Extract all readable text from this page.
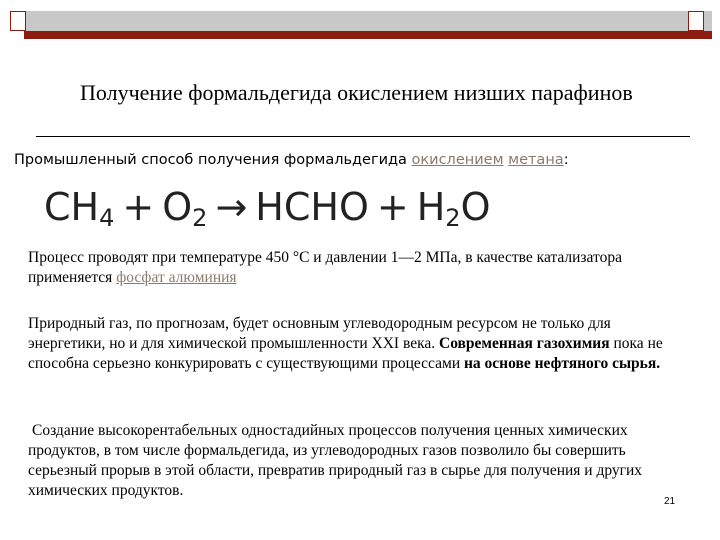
Получение формальдегида окислением низших парафинов
Промышленный способ получения формальдегида окислением метана:
$CH_4 + O_2$ → HCHO + $H_2O$
Процесс проводят при температуре 450 °C и давлении 1—2 МПа, в качестве катализатора применяется фосфат алюминия
Природный газ, по прогнозам, будет основным углеводородным ресурсом не только для энергетики, но и для химической промышленности XXI века. Современная газохимия пока не способна серьезно конкурировать с существующими процессами на основе нефтяного сырья.
Создание высокорентабельных одностадийных процессов получения ценных химических продуктов, в том числе формальдегида, из углеводородных газов позволило бы совершить серьезный прорыв в этой области, превратив природный газ в сырье для получения и других химических продуктов.
21
